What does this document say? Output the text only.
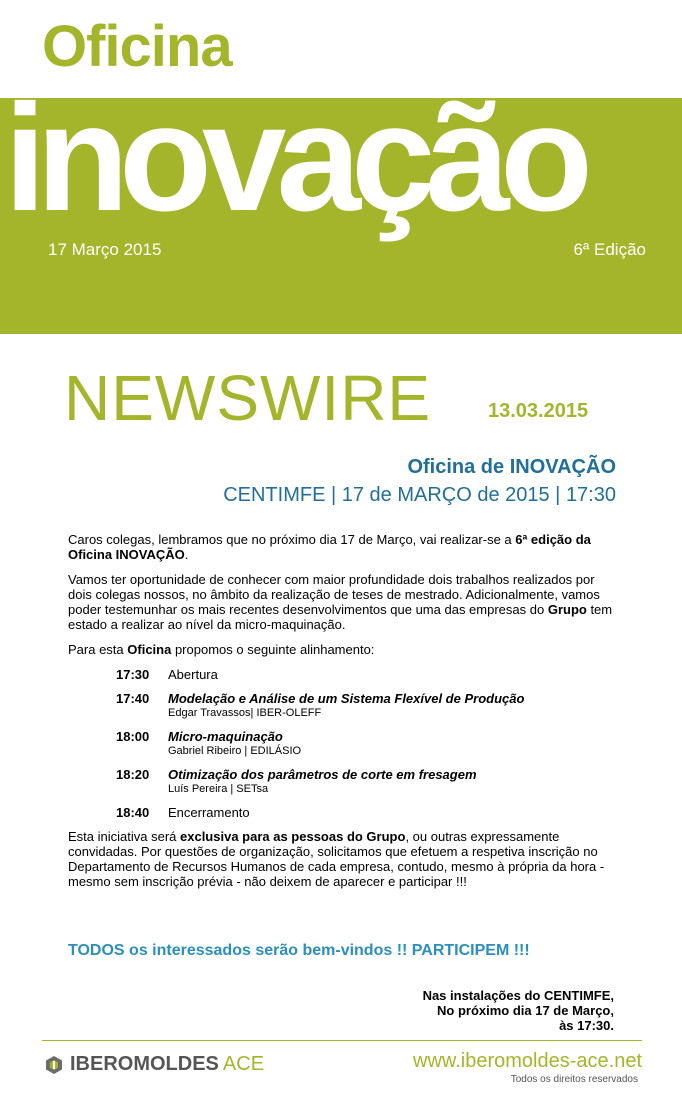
Oficina
inovação
17 Março 2015	6ª Edição
NEWSWIRE	13.03.2015
Oficina de INOVAÇÃO
CENTIMFE | 17 de MARÇO de 2015 | 17:30

Caros colegas, lembramos que no próximo dia 17 de Março, vai realizar-se a 6ª edição da Oficina INOVAÇÃO.

Vamos ter oportunidade de conhecer com maior profundidade dois trabalhos realizados por dois colegas nossos, no âmbito da realização de teses de mestrado. Adicionalmente, vamos poder testemunhar os mais recentes desenvolvimentos que uma das empresas do Grupo tem estado a realizar ao nível da micro-maquinação.

Para esta Oficina propomos o seguinte alinhamento:

17:30	Abertura
17:40	Modelação e Análise de um Sistema Flexível de Produção
Edgar Travassos| IBER-OLEFF
18:00	Micro-maquinação
Gabriel Ribeiro | EDILÁSIO
18:20	Otimização dos parâmetros de corte em fresagem
Luís Pereira | SETsa
18:40	Encerramento

Esta iniciativa será exclusiva para as pessoas do Grupo, ou outras expressamente convidadas. Por questões de organização, solicitamos que efetuem a respetiva inscrição no Departamento de Recursos Humanos de cada empresa, contudo, mesmo à própria da hora - mesmo sem inscrição prévia - não deixem de aparecer e participar !!!

TODOS os interessados serão bem-vindos !! PARTICIPEM !!!
Nas instalações do CENTIMFE,
No próximo dia 17 de Março,
às 17:30.
IBEROMOLDES ACE	www.iberomoldes-ace.net
Todos os direitos reservados
